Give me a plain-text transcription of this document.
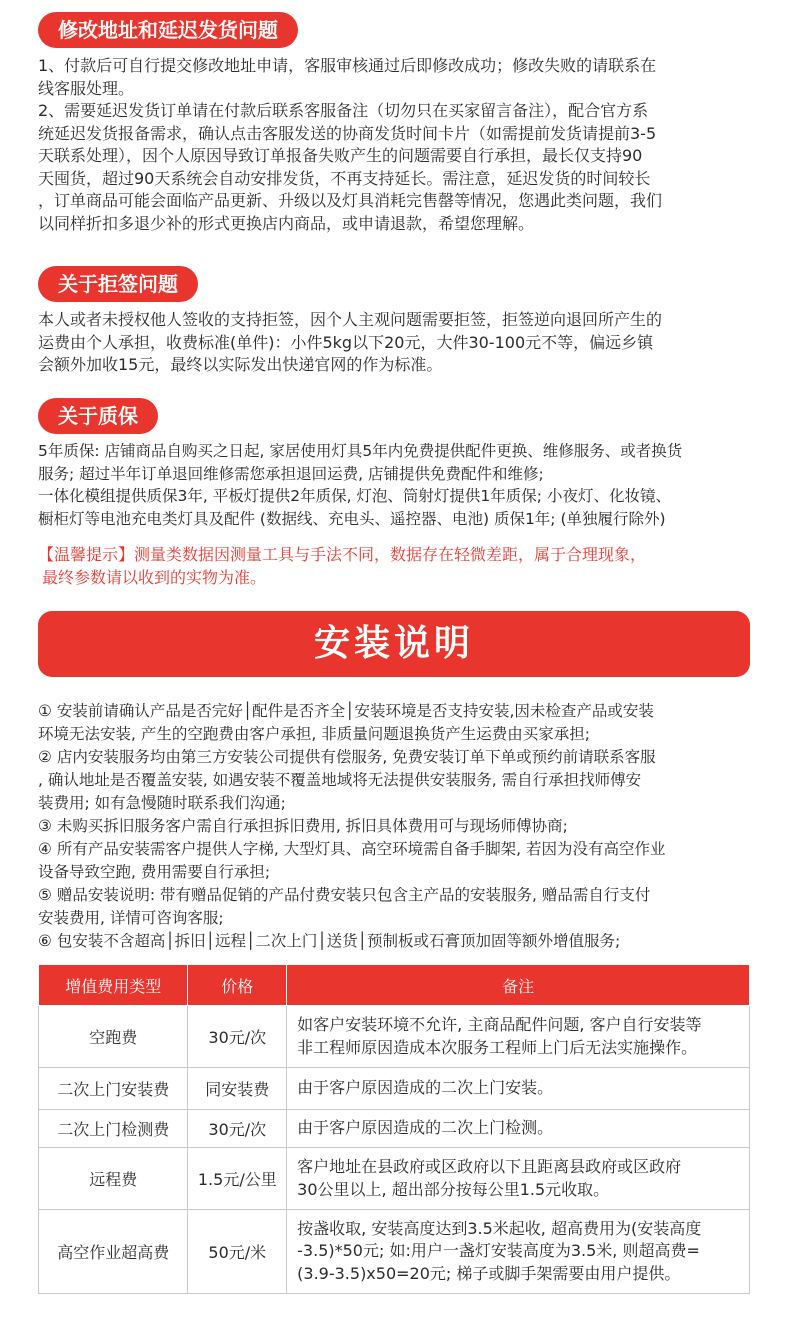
修改地址和延迟发货问题
1、付款后可自行提交修改地址申请，客服审核通过后即修改成功；修改失败的请联系在
线客服处理。
2、需要延迟发货订单请在付款后联系客服备注（切勿只在买家留言备注），配合官方系
统延迟发货报备需求，确认点击客服发送的协商发货时间卡片（如需提前发货请提前3-5
天联系处理），因个人原因导致订单报备失败产生的问题需要自行承担，最长仅支持90
天囤货，超过90天系统会自动安排发货，不再支持延长。需注意，延迟发货的时间较长
，订单商品可能会面临产品更新、升级以及灯具消耗完售罄等情况，您遇此类问题，我们
以同样折扣多退少补的形式更换店内商品，或申请退款，希望您理解。
关于拒签问题
本人或者未授权他人签收的支持拒签，因个人主观问题需要拒签，拒签逆向退回所产生的
运费由个人承担，收费标准(单件)：小件5kg以下20元，大件30-100元不等，偏远乡镇
会额外加收15元，最终以实际发出快递官网的作为标准。
关于质保
5年质保: 店铺商品自购买之日起, 家居使用灯具5年内免费提供配件更换、维修服务、或者换货
服务; 超过半年订单退回维修需您承担退回运费, 店铺提供免费配件和维修;
一体化模组提供质保3年, 平板灯提供2年质保, 灯泡、筒射灯提供1年质保; 小夜灯、化妆镜、
橱柜灯等电池充电类灯具及配件 (数据线、充电头、遥控器、电池) 质保1年; (单独履行除外)
【温馨提示】测量类数据因测量工具与手法不同，数据存在轻微差距，属于合理现象，
最终参数请以收到的实物为准。
安装说明
① 安装前请确认产品是否完好│配件是否齐全│安装环境是否支持安装,因未检查产品或安装
环境无法安装, 产生的空跑费由客户承担, 非质量问题退换货产生运费由买家承担;
② 店内安装服务均由第三方安装公司提供有偿服务, 免费安装订单下单或预约前请联系客服
, 确认地址是否覆盖安装, 如遇安装不覆盖地域将无法提供安装服务, 需自行承担找师傅安
装费用; 如有急慢随时联系我们沟通;
③ 未购买拆旧服务客户需自行承担拆旧费用, 拆旧具体费用可与现场师傅协商;
④ 所有产品安装需客户提供人字梯, 大型灯具、高空环境需自备手脚架, 若因为没有高空作业
设备导致空跑, 费用需要自行承担;
⑤ 赠品安装说明: 带有赠品促销的产品付费安装只包含主产品的安装服务, 赠品需自行支付
安装费用, 详情可咨询客服;
⑥ 包安装不含超高│拆旧│远程│二次上门│送货│预制板或石膏顶加固等额外增值服务;
增值费用类型	价格	备注
空跑费	30元/次	如客户安装环境不允许, 主商品配件问题, 客户自行安装等
非工程师原因造成本次服务工程师上门后无法实施操作。

二次上门安装费	同安装费	由于客户原因造成的二次上门安装。

二次上门检测费	30元/次	由于客户原因造成的二次上门检测。

远程费	1.5元/公里	客户地址在县政府或区政府以下且距离县政府或区政府
30公里以上, 超出部分按每公里1.5元收取。

高空作业超高费	50元/米	按盏收取, 安装高度达到3.5米起收, 超高费用为(安装高度
-3.5)*50元; 如:用户一盏灯安装高度为3.5米, 则超高费=
(3.9-3.5)x50=20元; 梯子或脚手架需要由用户提供。
